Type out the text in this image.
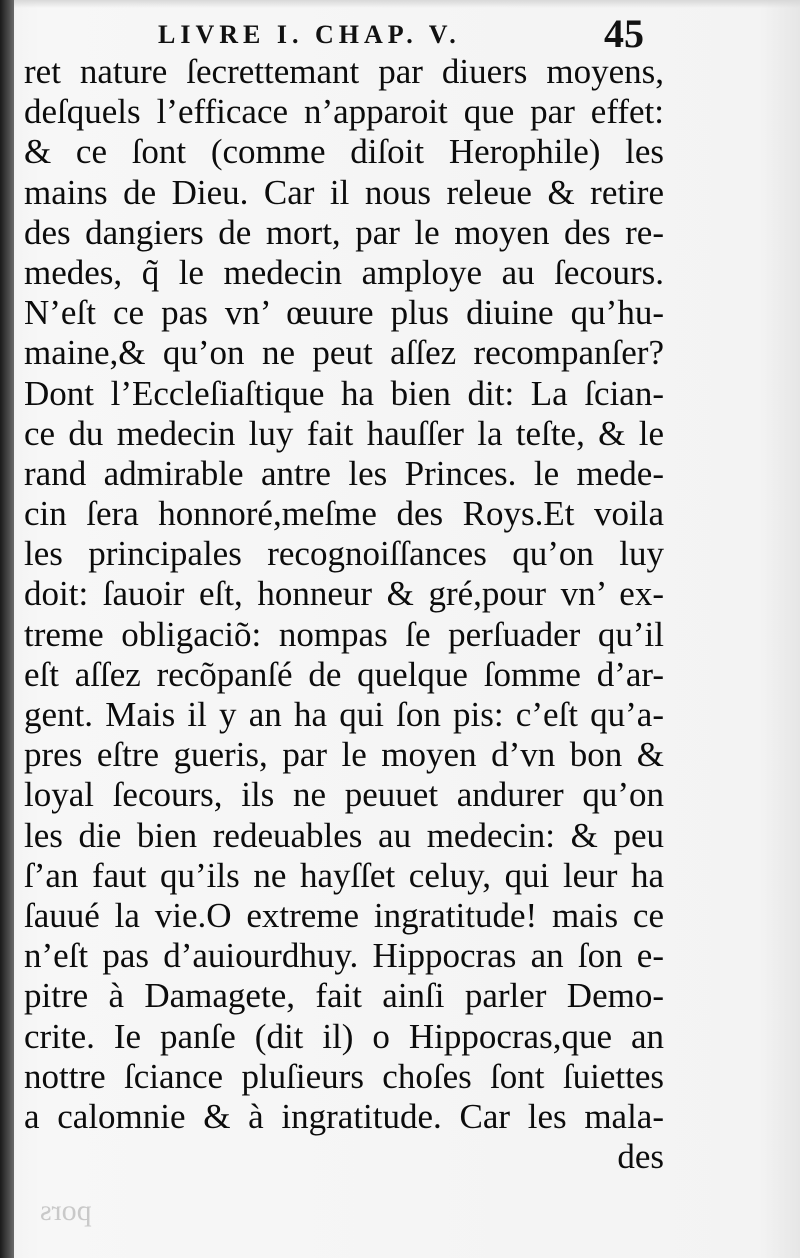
LIVRE I. CHAP. V.	45
ret nature ſecrettemant par diuers moyens,
deſquels l’efficace n’apparoit que par effet:
& ce ſont (comme diſoit Herophile) les
mains de Dieu. Car il nous releue & retire
des dangiers de mort, par le moyen des re-
medes, q̃ le medecin amploye au ſecours.
N’eſt ce pas vn’ œuure plus diuine qu’hu-
maine,& qu’on ne peut aſſez recompanſer?
Dont l’Eccleſiaſtique ha bien dit: La ſcian-
ce du medecin luy fait hauſſer la teſte, & le
rand admirable antre les Princes. le mede-
cin ſera honnoré,meſme des Roys.Et voila
les principales recognoiſſances qu’on luy
doit: ſauoir eſt, honneur & gré,pour vn’ ex-
treme obligaciõ: nompas ſe perſuader qu’il
eſt aſſez recõpanſé de quelque ſomme d’ar-
gent. Mais il y an ha qui ſon pis: c’eſt qu’a-
pres eſtre gueris, par le moyen d’vn bon &
loyal ſecours, ils ne peuuet andurer qu’on
les die bien redeuables au medecin: & peu
ſ’an faut qu’ils ne hayſſet celuy, qui leur ha
ſauué la vie.O extreme ingratitude! mais ce
n’eſt pas d’auiourdhuy. Hippocras an ſon e-
pitre à Damagete, fait ainſi parler Demo-
crite. Ie panſe (dit il) o Hippocras,que an
nottre ſciance pluſieurs choſes ſont ſuiettes
a calomnie & à ingratitude. Car les mala-
des
pors
